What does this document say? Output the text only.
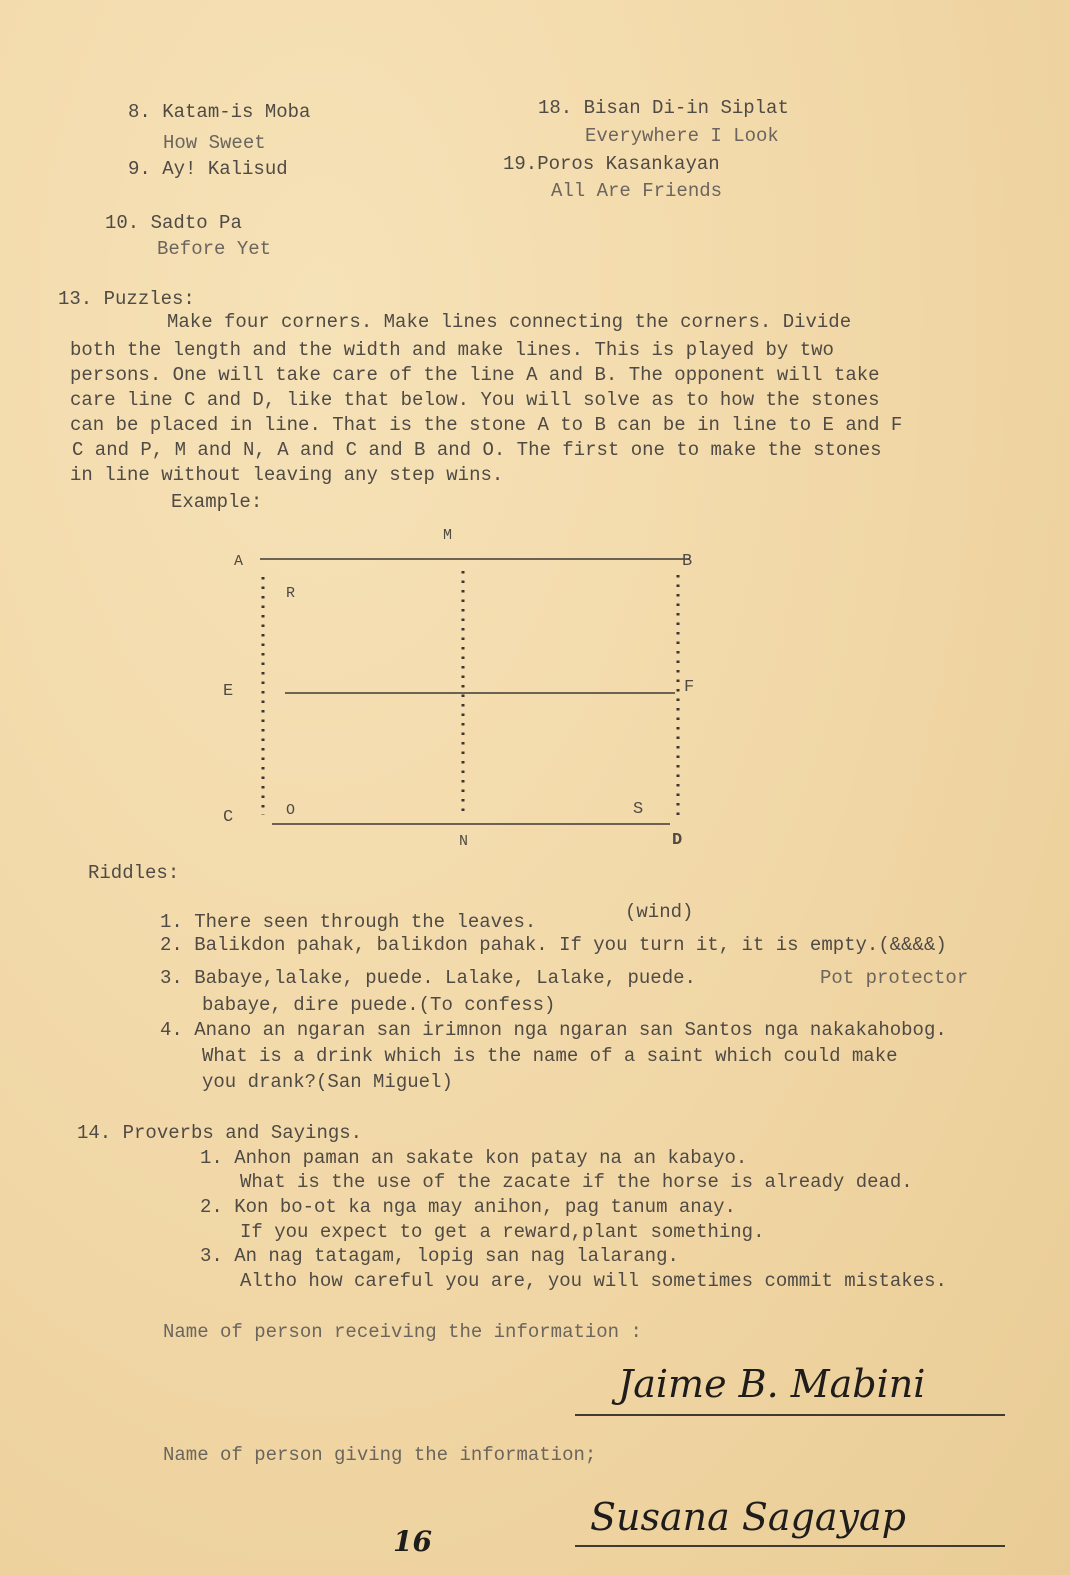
8. Katam-is Moba
How Sweet
9. Ay! Kalisud
10. Sadto Pa
Before Yet
18. Bisan Di-in Siplat
Everywhere I Look
19.Poros Kasankayan
All Are Friends
13. Puzzles:
Make four corners. Make lines connecting the corners. Divide
both the length and the width and make lines. This is played by two
persons. One will take care of the line A and B. The opponent will take
care line C and D, like that below. You will solve as to how the stones
can be placed in line. That is the stone A to B can be in line to E and F
C and P, M and N, A and C and B and O. The first one to make the stones
in line without leaving any step wins.
Example:
M
A	B
R
E	F
C	O	S
N	D
Riddles:
1. There seen through the leaves.	(wind)
2. Balikdon pahak, balikdon pahak. If you turn it, it is empty.(&&&&)
3. Babaye,lalake, puede. Lalake, Lalake, puede.	Pot protector
babaye, dire puede.(To confess)
4. Anano an ngaran san irimnon nga ngaran san Santos nga nakakahobog.
What is a drink which is the name of a saint which could make
you drank?(San Miguel)
14. Proverbs and Sayings.
1. Anhon paman an sakate kon patay na an kabayo.
What is the use of the zacate if the horse is already dead.
2. Kon bo-ot ka nga may anihon, pag tanum anay.
If you expect to get a reward,plant something.
3. An nag tatagam, lopig san nag lalarang.
Altho how careful you are, you will sometimes commit mistakes.
Name of person receiving the information :
Jaime B. Mabini
Name of person giving the information;
Susana Sagayap
16
